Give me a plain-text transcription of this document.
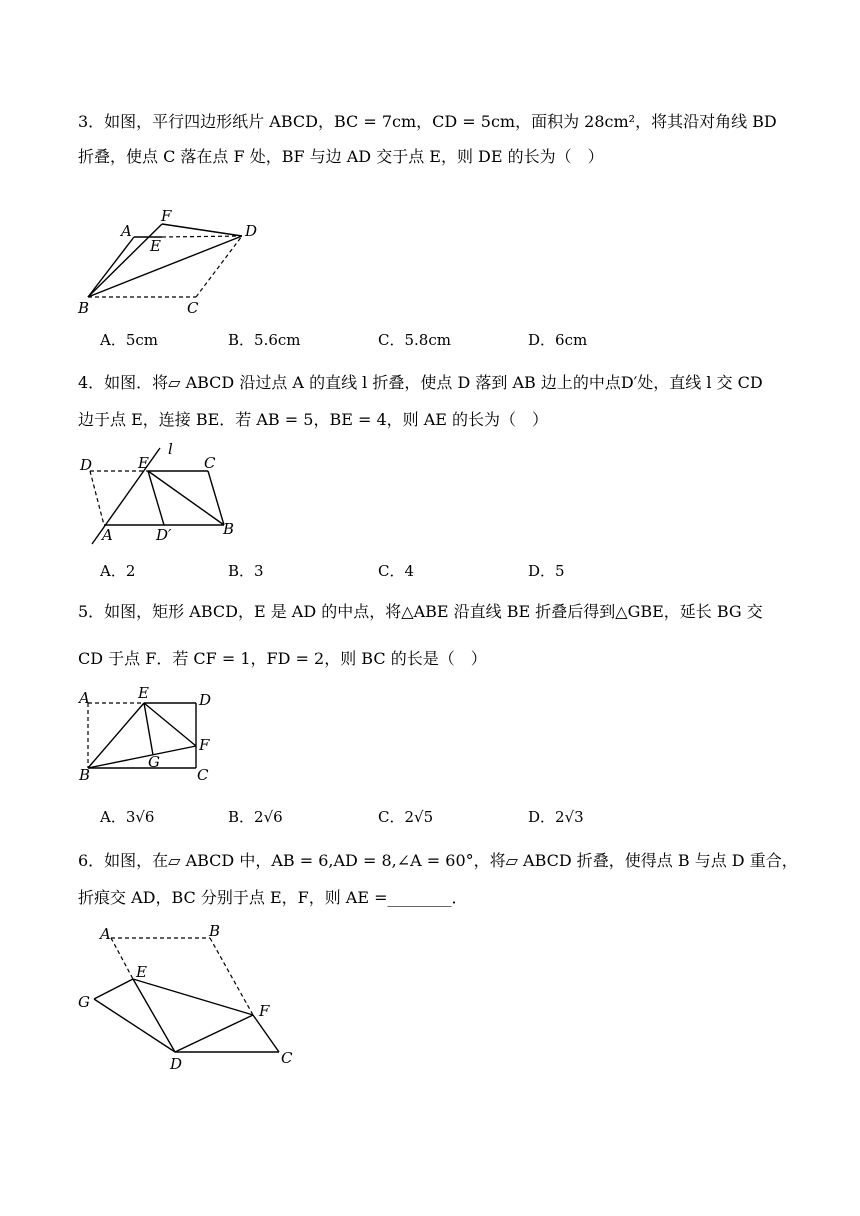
3．如图，平行四边形纸片 ABCD，BC = 7cm，CD = 5cm，面积为 28cm²，将其沿对角线 BD

折叠，使点 C 落在点 F 处，BF 与边 AD 交于点 E，则 DE 的长为（　）

A
E
F
D
B	C
A．5cm	B．5.6cm	C．5.8cm	D．6cm

4．如图．将▱ ABCD 沿过点 A 的直线 l 折叠，使点 D 落到 AB 边上的中点D′处，直线 l 交 CD

边于点 E，连接 BE．若 AB = 5，BE = 4，则 AE 的长为（　）

D	E
l
C
A	D′	B
A．2	B．3	C．4	D．5

5．如图，矩形 ABCD，E 是 AD 的中点，将△ABE 沿直线 BE 折叠后得到△GBE，延长 BG 交

CD 于点 F．若 CF = 1，FD = 2，则 BC 的长是（　）

A	E	D
F
B
G
C
A．3√6	B．2√6	C．2√5	D．2√3

6．如图，在▱ ABCD 中，AB = 6,AD = 8,∠A = 60°，将▱ ABCD 折叠，使得点 B 与点 D 重合，

折痕交 AD，BC 分别于点 E，F，则 AE =________．

A	B
E
G	F
D	C
